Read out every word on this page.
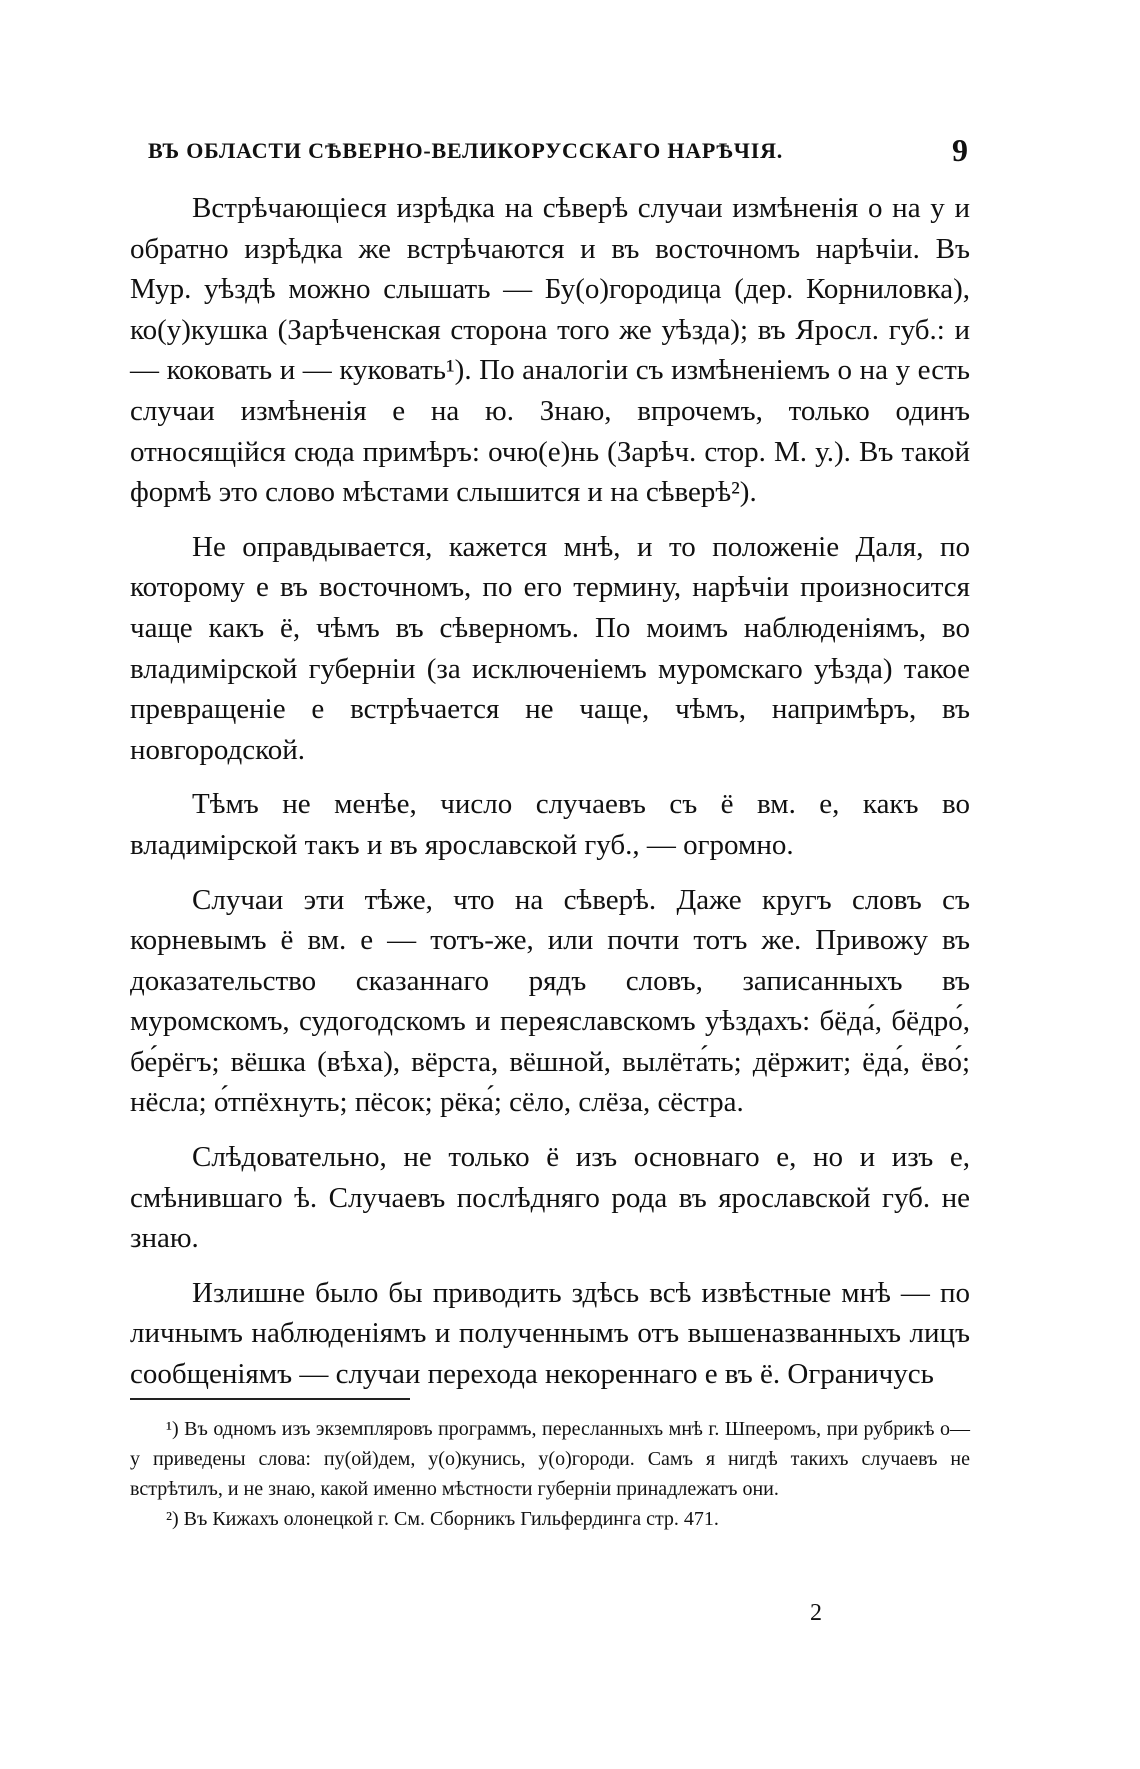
ВЪ ОБЛАСТИ СѢВЕРНО-ВЕЛИКОРУССКАГО НАРѢЧІЯ.	9

Встрѣчающіеся изрѣдка на сѣверѣ случаи измѣненія о на у и обратно изрѣдка же встрѣчаются и въ восточномъ нарѣчіи. Въ Мур. уѣздѣ можно слышать — Бу(о)городица (дер. Корниловка), ко(у)кушка (Зарѣченская сторона того же уѣзда); въ Яросл. губ.: и — коковать и — куковать¹). По аналогіи съ измѣненіемъ о на у есть случаи измѣненія е на ю. Знаю, впрочемъ, только одинъ относящійся сюда примѣръ: очю(е)нь (Зарѣч. стор. М. у.). Въ такой формѣ это слово мѣстами слышится и на сѣверѣ²).

Не оправдывается, кажется мнѣ, и то положеніе Даля, по которому е въ восточномъ, по его термину, нарѣчіи произносится чаще какъ ё, чѣмъ въ сѣверномъ. По моимъ наблюденіямъ, во владимірской губерніи (за исключеніемъ муромскаго уѣзда) такое превращеніе е встрѣчается не чаще, чѣмъ, напримѣръ, въ новгородской.

Тѣмъ не менѣе, число случаевъ съ ё вм. е, какъ во владимірской такъ и въ ярославской губ., — огромно.

Случаи эти тѣже, что на сѣверѣ. Даже кругъ словъ съ корневымъ ё вм. е — тотъ-же, или почти тотъ же. Привожу въ доказательство сказаннаго рядъ словъ, записанныхъ въ муромскомъ, судогодскомъ и переяславскомъ уѣздахъ: бёда́, бёдро́, бе́рёгъ; вёшка (вѣха), вёрста, вёшной, вылёта́ть; дёржит; ёда́, ёво́; нёсла; о́тпёхнуть; пёсок; рёка́; сёло, слёза, сёстра.

Слѣдовательно, не только ё изъ основнаго е, но и изъ е, смѣнившаго ѣ. Случаевъ послѣдняго рода въ ярославской губ. не знаю.

Излишне было бы приводить здѣсь всѣ извѣстные мнѣ — по личнымъ наблюденіямъ и полученнымъ отъ вышеназванныхъ лицъ сообщеніямъ — случаи перехода некореннаго е въ ё. Ограничусь

¹) Въ одномъ изъ экземпляровъ программъ, пересланныхъ мнѣ г. Шпееромъ, при рубрикѣ о—у приведены слова: пу(ой)дем, у(о)кунись, у(о)городи. Самъ я нигдѣ такихъ случаевъ не встрѣтилъ, и не знаю, какой именно мѣстности губерніи принадлежатъ они.

²) Въ Кижахъ олонецкой г. См. Сборникъ Гильфердинга стр. 471.

2
